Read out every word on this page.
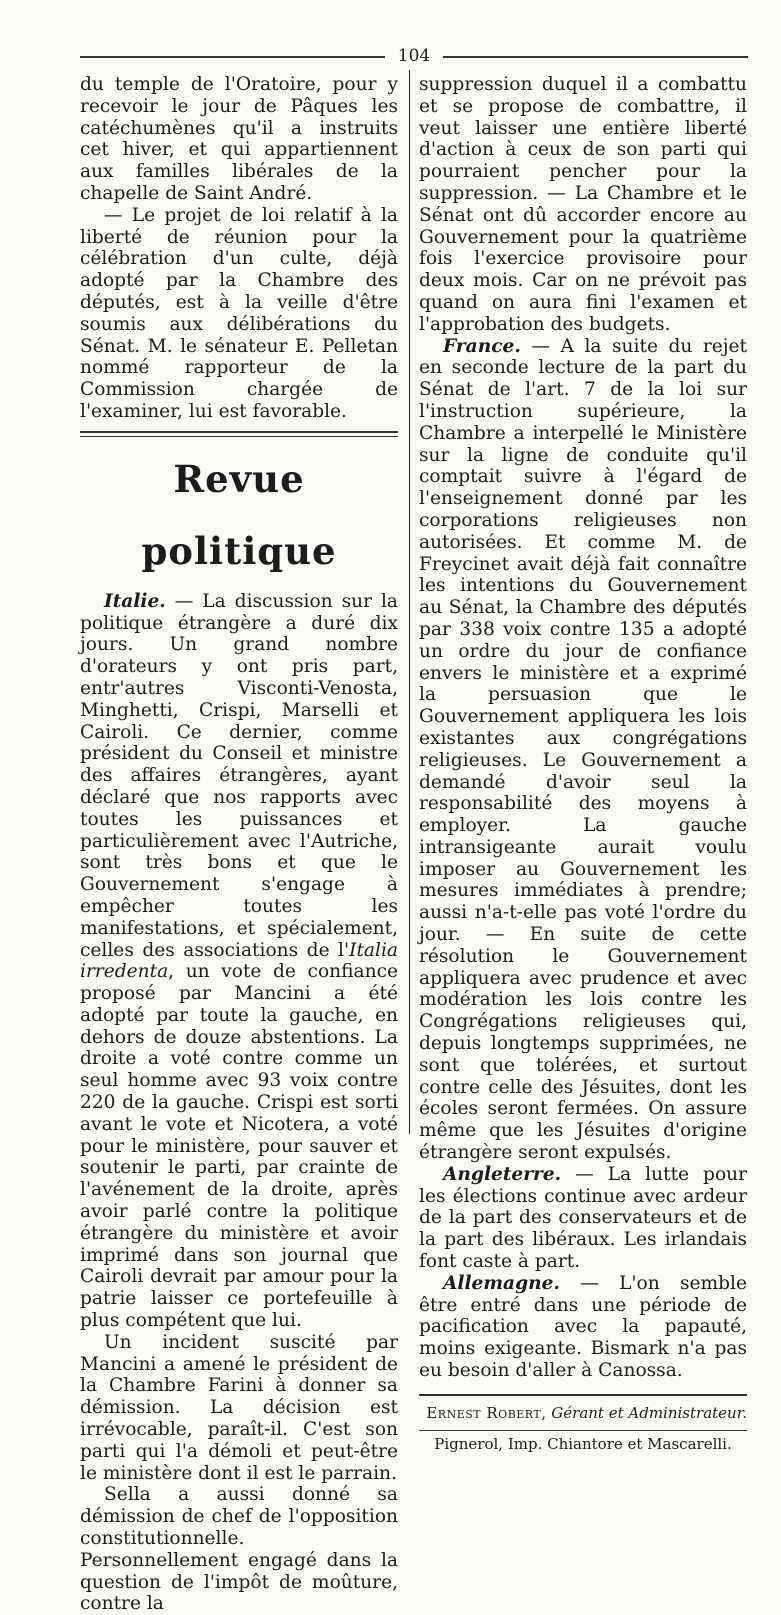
104

du temple de l'Oratoire, pour y recevoir le jour de Pâques les catéchumènes qu'il a instruits cet hiver, et qui appartiennent aux familles libérales de la chapelle de Saint André.

— Le projet de loi relatif à la liberté de réunion pour la célébration d'un culte, déjà adopté par la Chambre des députés, est à la veille d'être soumis aux délibérations du Sénat. M. le sénateur E. Pelletan nommé rapporteur de la Commission chargée de l'examiner, lui est favorable.

Revue politique

Italie. — La discussion sur la politique étrangère a duré dix jours. Un grand nombre d'orateurs y ont pris part, entr'autres Visconti-Venosta, Minghetti, Crispi, Marselli et Cairoli. Ce dernier, comme président du Conseil et ministre des affaires étrangères, ayant déclaré que nos rapports avec toutes les puissances et particulièrement avec l'Autriche, sont très bons et que le Gouvernement s'engage à empêcher toutes les manifestations, et spécialement, celles des associations de l'Italia irredenta, un vote de confiance proposé par Mancini a été adopté par toute la gauche, en dehors de douze abstentions. La droite a voté contre comme un seul homme avec 93 voix contre 220 de la gauche. Crispi est sorti avant le vote et Nicotera, a voté pour le ministère, pour sauver et soutenir le parti, par crainte de l'avénement de la droite, après avoir parlé contre la politique étrangère du ministère et avoir imprimé dans son journal que Cairoli devrait par amour pour la patrie laisser ce portefeuille à plus compétent que lui.

Un incident suscité par Mancini a amené le président de la Chambre Farini à donner sa démission. La décision est irrévocable, paraît-il. C'est son parti qui l'a démoli et peut-être le ministère dont il est le parrain.

Sella a aussi donné sa démission de chef de l'opposition constitutionnelle. Personnellement engagé dans la question de l'impôt de moûture, contre la

suppression duquel il a combattu et se propose de combattre, il veut laisser une entière liberté d'action à ceux de son parti qui pourraient pencher pour la suppression. — La Chambre et le Sénat ont dû accorder encore au Gouvernement pour la quatrième fois l'exercice provisoire pour deux mois. Car on ne prévoit pas quand on aura fini l'examen et l'approbation des budgets.

France. — A la suite du rejet en seconde lecture de la part du Sénat de l'art. 7 de la loi sur l'instruction supérieure, la Chambre a interpellé le Ministère sur la ligne de conduite qu'il comptait suivre à l'égard de l'enseignement donné par les corporations religieuses non autorisées. Et comme M. de Freycinet avait déjà fait connaître les intentions du Gouvernement au Sénat, la Chambre des députés par 338 voix contre 135 a adopté un ordre du jour de confiance envers le ministère et a exprimé la persuasion que le Gouvernement appliquera les lois existantes aux congrégations religieuses. Le Gouvernement a demandé d'avoir seul la responsabilité des moyens à employer. La gauche intransigeante aurait voulu imposer au Gouvernement les mesures immédiates à prendre; aussi n'a-t-elle pas voté l'ordre du jour. — En suite de cette résolution le Gouvernement appliquera avec prudence et avec modération les lois contre les Congrégations religieuses qui, depuis longtemps supprimées, ne sont que tolérées, et surtout contre celle des Jésuites, dont les écoles seront fermées. On assure même que les Jésuites d'origine étrangère seront expulsés.

Angleterre. — La lutte pour les élections continue avec ardeur de la part des conservateurs et de la part des libéraux. Les irlandais font caste à part.

Allemagne. — L'on semble être entré dans une période de pacification avec la papauté, moins exigeante. Bismark n'a pas eu besoin d'aller à Canossa.

Ernest Robert, Gérant et Administrateur.
Pignerol, Imp. Chiantore et Mascarelli.
